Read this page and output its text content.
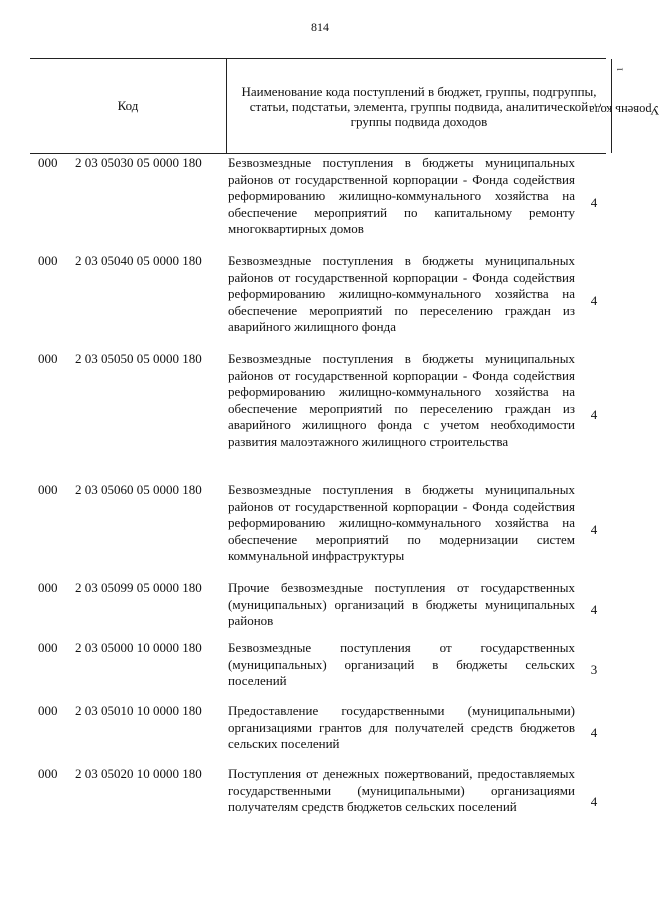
814
Код
Наименование кода поступлений в бюджет, группы, подгруппы, статьи, подстатьи, элемента, группы подвида, аналитической группы подвида доходов
Уровень кода $^1$
000 2 03 05030 05 0000 180 Безвозмездные поступления в бюджеты муниципальных районов от государственной корпорации - Фонда содействия реформированию жилищно-коммунального хозяйства на обеспечение мероприятий по капитальному ремонту многоквартирных домов
4
000 2 03 05040 05 0000 180 Безвозмездные поступления в бюджеты муниципальных районов от государственной корпорации - Фонда содействия реформированию жилищно-коммунального хозяйства на обеспечение мероприятий по переселению граждан из аварийного жилищного фонда
4
000 2 03 05050 05 0000 180 Безвозмездные поступления в бюджеты муниципальных районов от государственной корпорации - Фонда содействия реформированию жилищно-коммунального хозяйства на обеспечение мероприятий по переселению граждан из аварийного жилищного фонда с учетом необходимости развития малоэтажного жилищного строительства
4
000 2 03 05060 05 0000 180 Безвозмездные поступления в бюджеты муниципальных районов от государственной корпорации - Фонда содействия реформированию жилищно-коммунального хозяйства на обеспечение мероприятий по модернизации систем коммунальной инфраструктуры
4
000 2 03 05099 05 0000 180 Прочие безвозмездные поступления от государственных (муниципальных) организаций в бюджеты муниципальных районов
4
000 2 03 05000 10 0000 180 Безвозмездные поступления от государственных (муниципальных) организаций в бюджеты сельских поселений
3
000 2 03 05010 10 0000 180 Предоставление государственными (муниципальными) организациями грантов для получателей средств бюджетов сельских поселений
4
000 2 03 05020 10 0000 180 Поступления от денежных пожертвований, предоставляемых государственными (муниципальными) организациями получателям средств бюджетов сельских поселений	4
